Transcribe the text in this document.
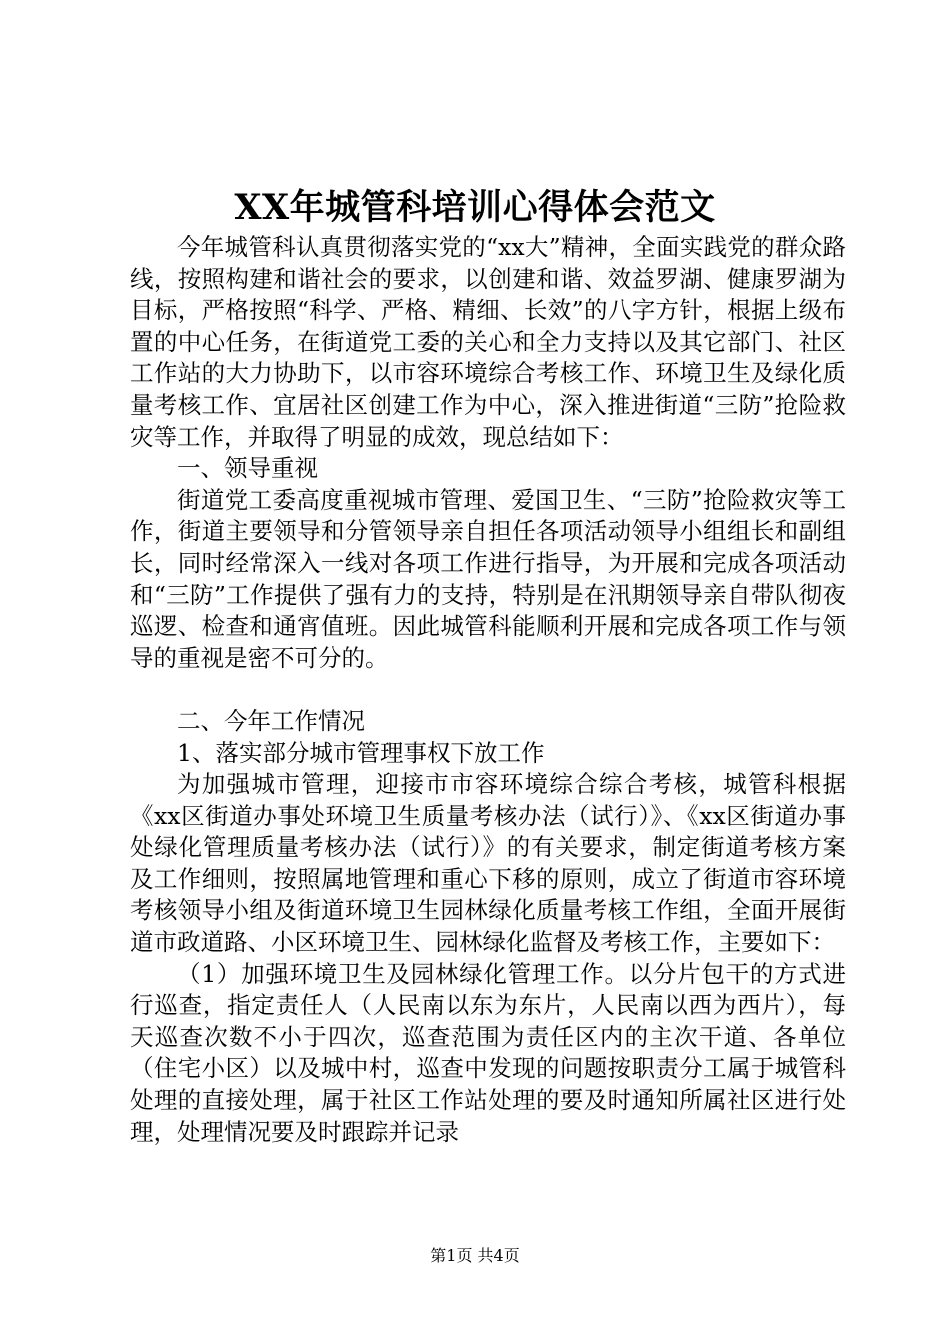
XX年城管科培训心得体会范文

今年城管科认真贯彻落实党的“xx大”精神，全面实践党的群众路线，按照构建和谐社会的要求，以创建和谐、效益罗湖、健康罗湖为目标，严格按照“科学、严格、精细、长效”的八字方针，根据上级布置的中心任务，在街道党工委的关心和全力支持以及其它部门、社区工作站的大力协助下，以市容环境综合考核工作、环境卫生及绿化质量考核工作、宜居社区创建工作为中心，深入推进街道“三防”抢险救灾等工作，并取得了明显的成效，现总结如下：

一、领导重视

街道党工委高度重视城市管理、爱国卫生、“三防”抢险救灾等工作，街道主要领导和分管领导亲自担任各项活动领导小组组长和副组长，同时经常深入一线对各项工作进行指导，为开展和完成各项活动和“三防”工作提供了强有力的支持，特别是在汛期领导亲自带队彻夜巡逻、检查和通宵值班。因此城管科能顺利开展和完成各项工作与领导的重视是密不可分的。

二、今年工作情况

1、落实部分城市管理事权下放工作

为加强城市管理，迎接市市容环境综合综合考核，城管科根据《xx区街道办事处环境卫生质量考核办法（试行）》、《xx区街道办事处绿化管理质量考核办法（试行）》的有关要求，制定街道考核方案及工作细则，按照属地管理和重心下移的原则，成立了街道市容环境考核领导小组及街道环境卫生园林绿化质量考核工作组，全面开展街道市政道路、小区环境卫生、园林绿化监督及考核工作，主要如下：

（1）加强环境卫生及园林绿化管理工作。以分片包干的方式进行巡查，指定责任人（人民南以东为东片，人民南以西为西片），每天巡查次数不小于四次，巡查范围为责任区内的主次干道、各单位（住宅小区）以及城中村，巡查中发现的问题按职责分工属于城管科处理的直接处理，属于社区工作站处理的要及时通知所属社区进行处理，处理情况要及时跟踪并记录

第1页 共4页
